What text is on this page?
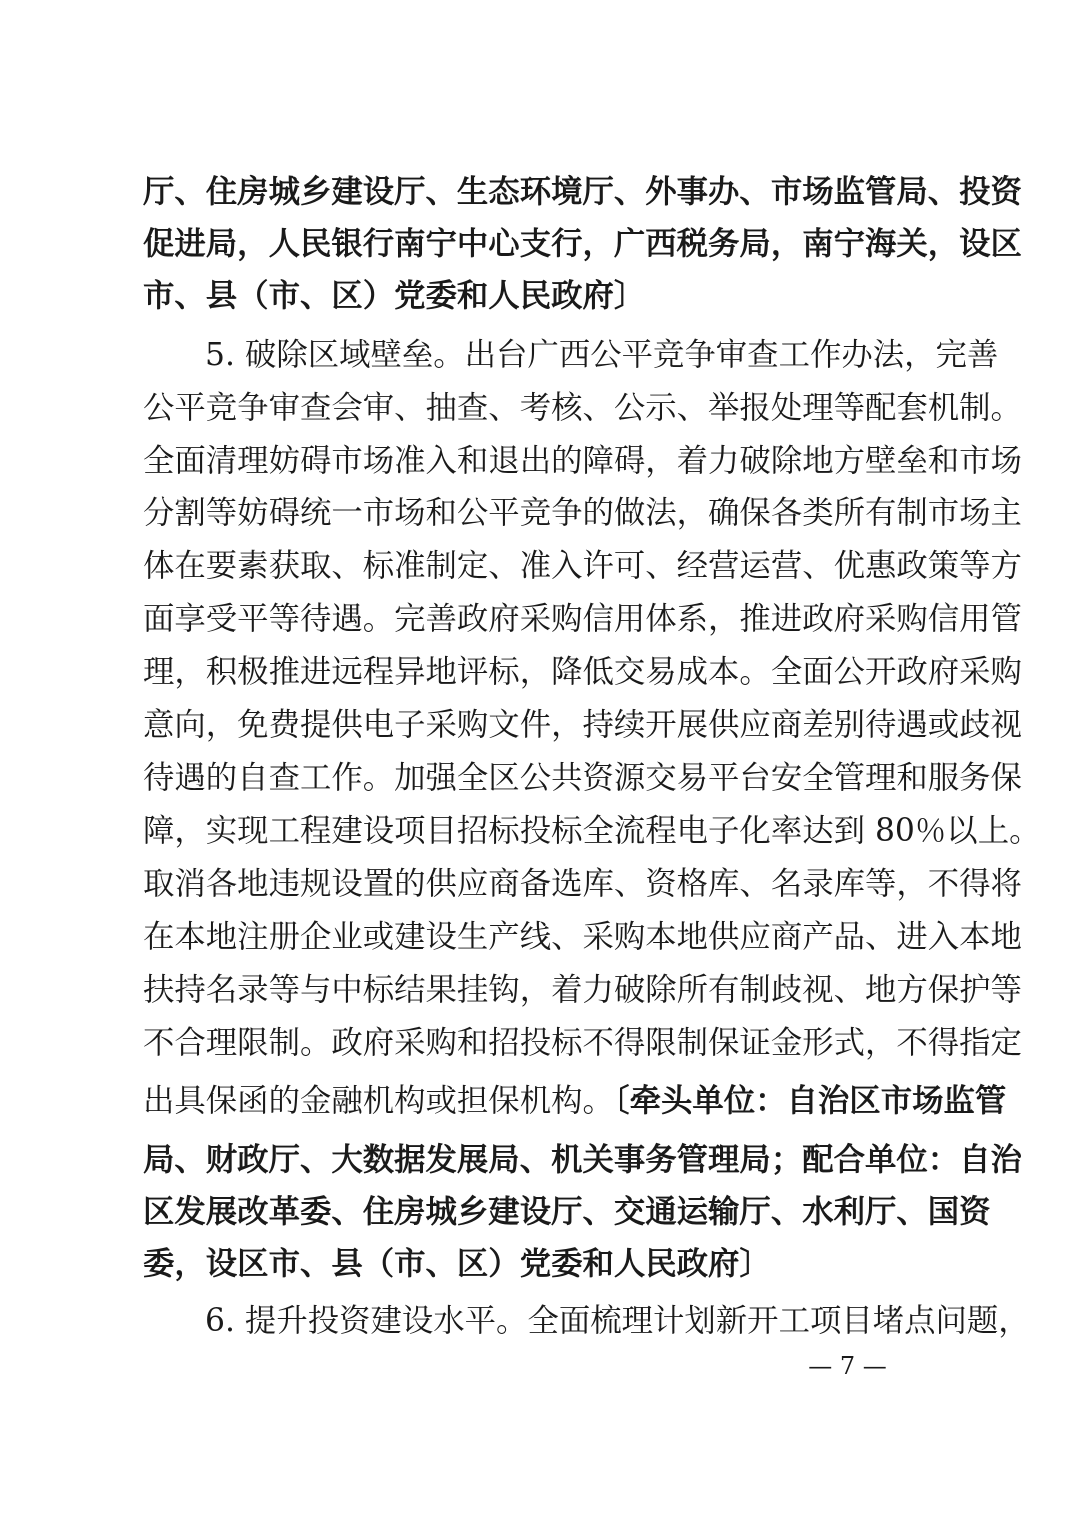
厅、住房城乡建设厅、生态环境厅、外事办、市场监管局、投资
促进局，人民银行南宁中心支行，广西税务局，南宁海关，设区
市、县（市、区）党委和人民政府〕
5. 破除区域壁垒。出台广西公平竞争审查工作办法，完善
公平竞争审查会审、抽查、考核、公示、举报处理等配套机制。
全面清理妨碍市场准入和退出的障碍，着力破除地方壁垒和市场
分割等妨碍统一市场和公平竞争的做法，确保各类所有制市场主
体在要素获取、标准制定、准入许可、经营运营、优惠政策等方
面享受平等待遇。完善政府采购信用体系，推进政府采购信用管
理，积极推进远程异地评标，降低交易成本。全面公开政府采购
意向，免费提供电子采购文件，持续开展供应商差别待遇或歧视
待遇的自查工作。加强全区公共资源交易平台安全管理和服务保
障，实现工程建设项目招标投标全流程电子化率达到 80％以上。
取消各地违规设置的供应商备选库、资格库、名录库等，不得将
在本地注册企业或建设生产线、采购本地供应商产品、进入本地
扶持名录等与中标结果挂钩，着力破除所有制歧视、地方保护等
不合理限制。政府采购和招投标不得限制保证金形式，不得指定
出具保函的金融机构或担保机构。〔牵头单位：自治区市场监管
局、财政厅、大数据发展局、机关事务管理局；配合单位：自治
区发展改革委、住房城乡建设厅、交通运输厅、水利厅、国资
委，设区市、县（市、区）党委和人民政府〕
6. 提升投资建设水平。全面梳理计划新开工项目堵点问题，
— 7 —
